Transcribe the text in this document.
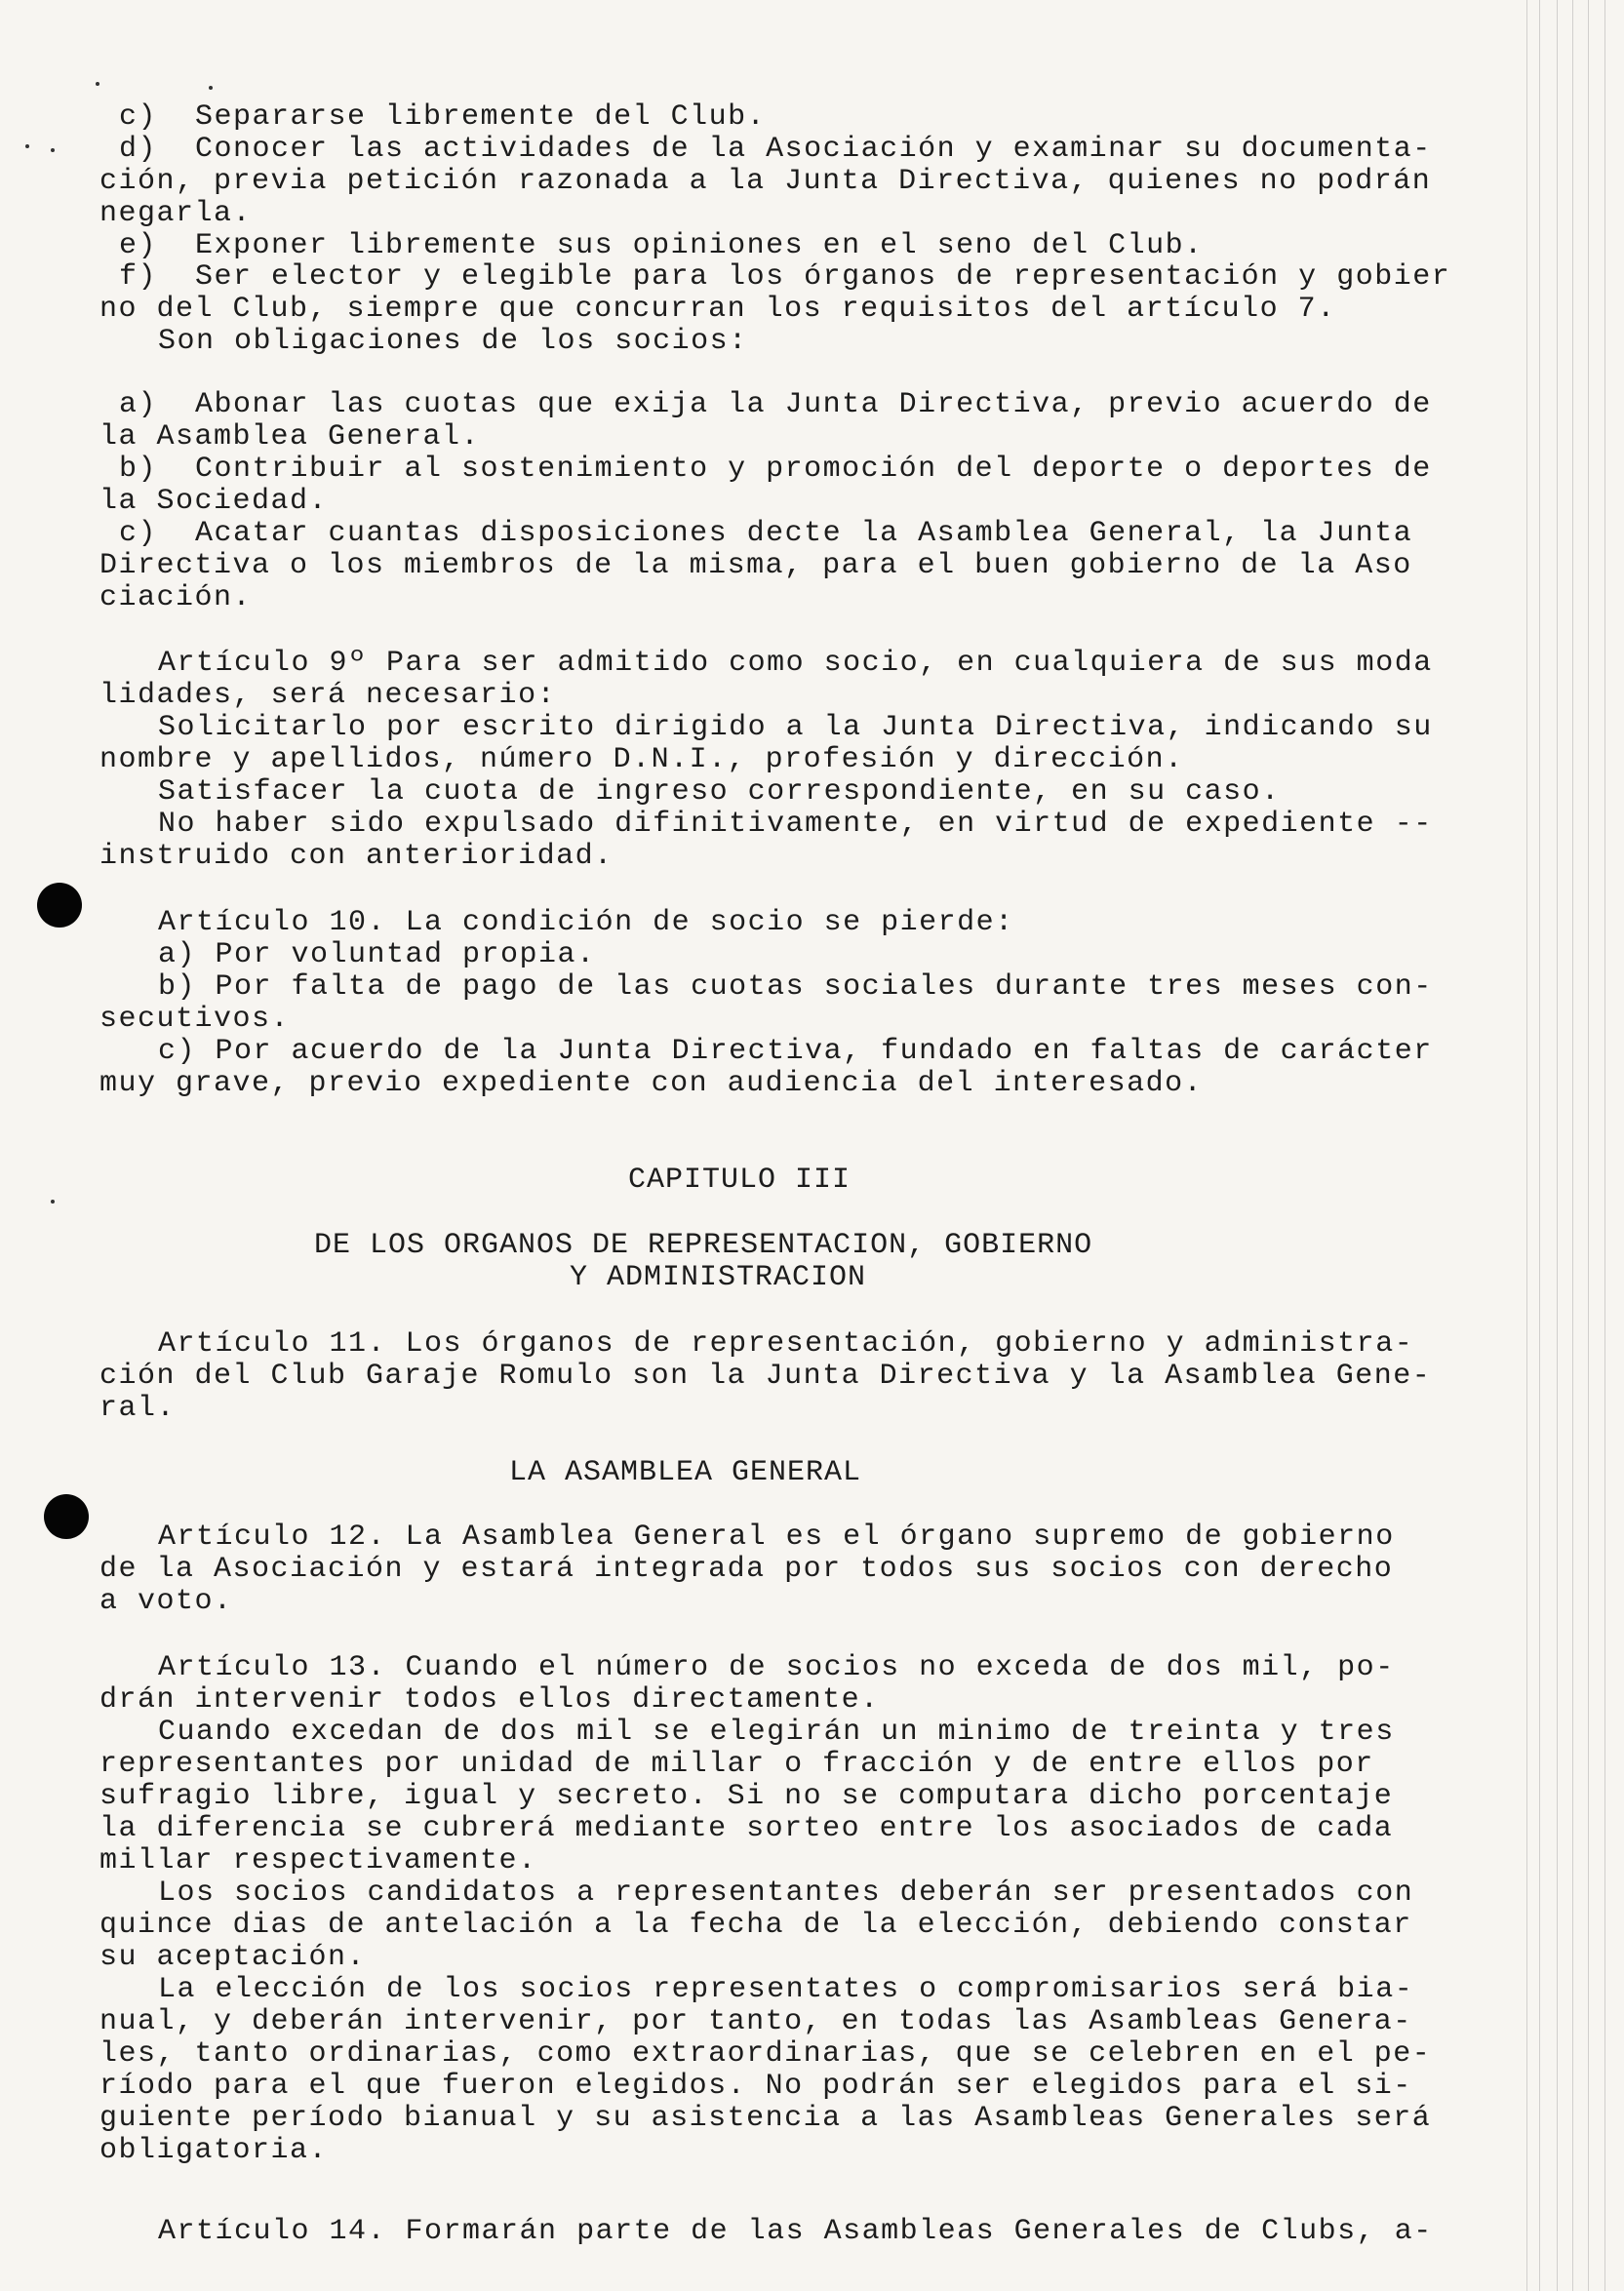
c)  Separarse libremente del Club.
d)  Conocer las actividades de la Asociación y examinar su documenta-
ción, previa petición razonada a la Junta Directiva, quienes no podrán
negarla.
e)  Exponer libremente sus opiniones en el seno del Club.
f)  Ser elector y elegible para los órganos de representación y gobier
no del Club, siempre que concurran los requisitos del artículo 7.
Son obligaciones de los socios:
a)  Abonar las cuotas que exija la Junta Directiva, previo acuerdo de
la Asamblea General.
b)  Contribuir al sostenimiento y promoción del deporte o deportes de
la Sociedad.
c)  Acatar cuantas disposiciones decte la Asamblea General, la Junta
Directiva o los miembros de la misma, para el buen gobierno de la Aso
ciación.
Artículo 9º Para ser admitido como socio, en cualquiera de sus moda
lidades, será necesario:
Solicitarlo por escrito dirigido a la Junta Directiva, indicando su
nombre y apellidos, número D.N.I., profesión y dirección.
Satisfacer la cuota de ingreso correspondiente, en su caso.
No haber sido expulsado difinitivamente, en virtud de expediente --
instruido con anterioridad.
Artículo 10. La condición de socio se pierde:
a) Por voluntad propia.
b) Por falta de pago de las cuotas sociales durante tres meses con-
secutivos.
c) Por acuerdo de la Junta Directiva, fundado en faltas de carácter
muy grave, previo expediente con audiencia del interesado.
CAPITULO III
DE LOS ORGANOS DE REPRESENTACION, GOBIERNO
Y ADMINISTRACION
Artículo 11. Los órganos de representación, gobierno y administra-
ción del Club Garaje Romulo son la Junta Directiva y la Asamblea Gene-
ral.
LA ASAMBLEA GENERAL
Artículo 12. La Asamblea General es el órgano supremo de gobierno
de la Asociación y estará integrada por todos sus socios con derecho
a voto.
Artículo 13. Cuando el número de socios no exceda de dos mil, po-
drán intervenir todos ellos directamente.
Cuando excedan de dos mil se elegirán un minimo de treinta y tres
representantes por unidad de millar o fracción y de entre ellos por
sufragio libre, igual y secreto. Si no se computara dicho porcentaje
la diferencia se cubrerá mediante sorteo entre los asociados de cada
millar respectivamente.
Los socios candidatos a representantes deberán ser presentados con
quince dias de antelación a la fecha de la elección, debiendo constar
su aceptación.
La elección de los socios representates o compromisarios será bia-
nual, y deberán intervenir, por tanto, en todas las Asambleas Genera-
les, tanto ordinarias, como extraordinarias, que se celebren en el pe-
ríodo para el que fueron elegidos. No podrán ser elegidos para el si-
guiente período bianual y su asistencia a las Asambleas Generales será
obligatoria.
Artículo 14. Formarán parte de las Asambleas Generales de Clubs, a-
